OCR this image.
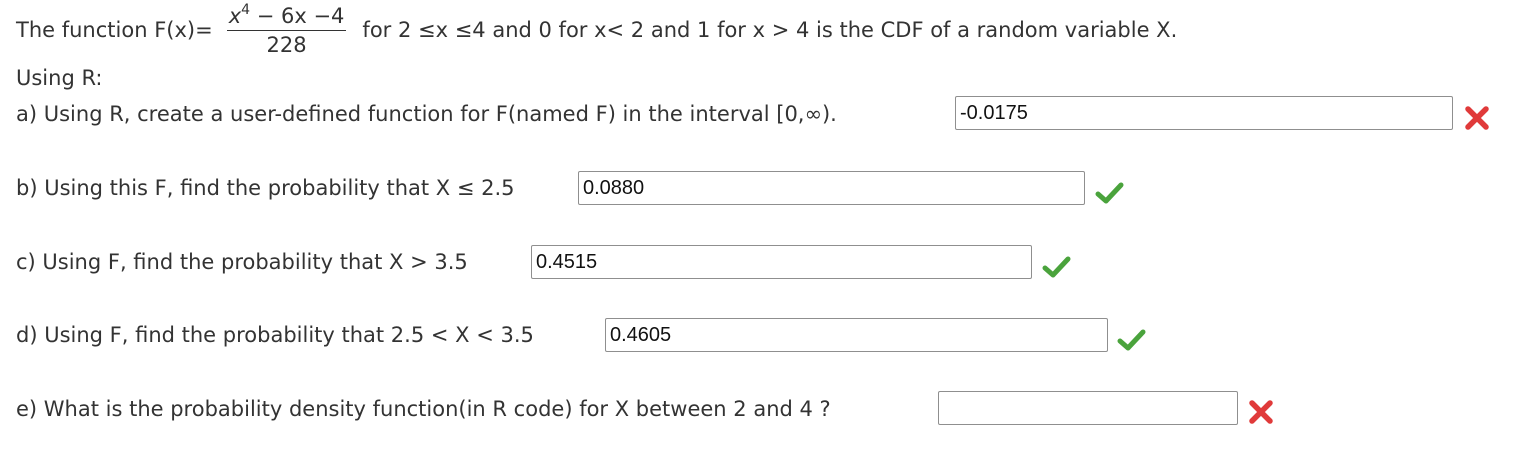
The function $F(x)= \frac{x^4 - 6x -4}{228}$ for 2 ≤x ≤4 and 0 for x< 2 and 1 for x > 4 is the CDF of a random variable X.
Using R:
a) Using R, create a user-defined function for F(named F) in the interval [0,∞).
-0.0175
b) Using this F, find the probability that X ≤ 2.5
0.0880
c) Using F, find the probability that X > 3.5
0.4515
d) Using F, find the probability that 2.5 < X < 3.5
0.4605
e) What is the probability density function(in R code) for X between 2 and 4 ?
